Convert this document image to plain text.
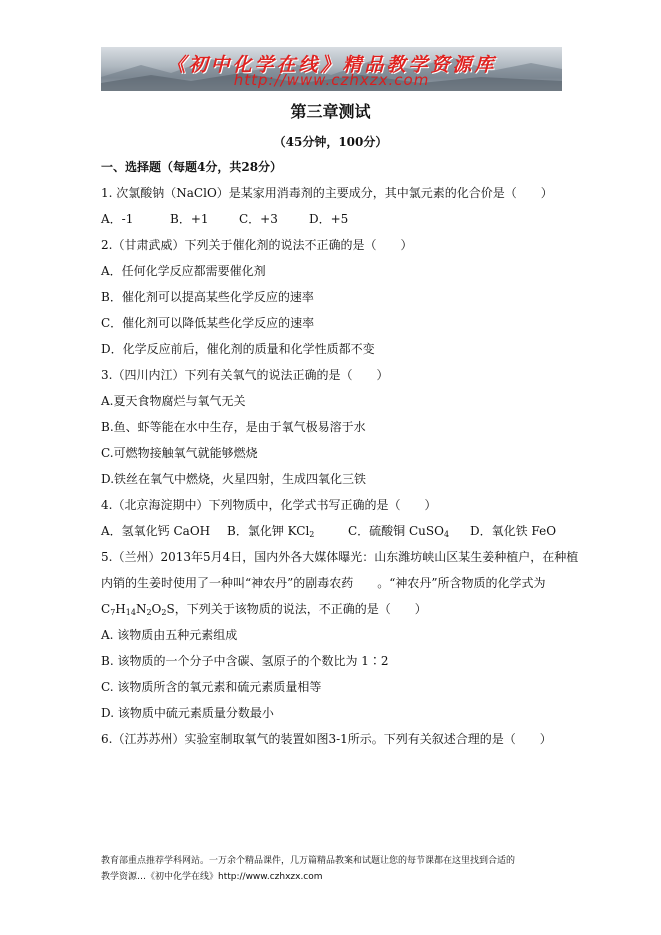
《初中化学在线》精品教学资源库
http://www.czhxzx.com
第三章测试
（45分钟，100分）
一、选择题（每题4分，共28分）
1. 次氯酸钠（NaClO）是某家用消毒剂的主要成分，其中氯元素的化合价是（　　）
A．-1	B．+1	C．+3	D．+5
2.（甘肃武威）下列关于催化剂的说法不正确的是（　　）
A．任何化学反应都需要催化剂
B．催化剂可以提高某些化学反应的速率
C．催化剂可以降低某些化学反应的速率
D．化学反应前后，催化剂的质量和化学性质都不变
3.（四川内江）下列有关氧气的说法正确的是（　　）
A.夏天食物腐烂与氧气无关
B.鱼、虾等能在水中生存，是由于氧气极易溶于水
C.可燃物接触氧气就能够燃烧
D.铁丝在氧气中燃烧，火星四射，生成四氧化三铁
4.（北京海淀期中）下列物质中，化学式书写正确的是（　　）
A．氢氧化钙 CaOH B．氯化钾 KCl$_2$	C．硫酸铜 CuSO$_4$ D．氧化铁 FeO
5.（兰州）2013年5月4日，国内外各大媒体曝光：山东潍坊峡山区某生姜种植户，在种植
内销的生姜时使用了一种叫“神农丹”的剧毒农药　　。“神农丹”所含物质的化学式为
$C_7H_{14}N_2O_2S$，下列关于该物质的说法，不正确的是（　　）
A. 该物质由五种元素组成
B. 该物质的一个分子中含碳、氢原子的个数比为 1∶2
C. 该物质所含的氧元素和硫元素质量相等
D. 该物质中硫元素质量分数最小
6.（江苏苏州）实验室制取氧气的装置如图3-1所示。下列有关叙述合理的是（　　）
教育部重点推荐学科网站。一万余个精品课件，几万篇精品教案和试题让您的每节课都在这里找到合适的
教学资源…《初中化学在线》http://www.czhxzx.com
